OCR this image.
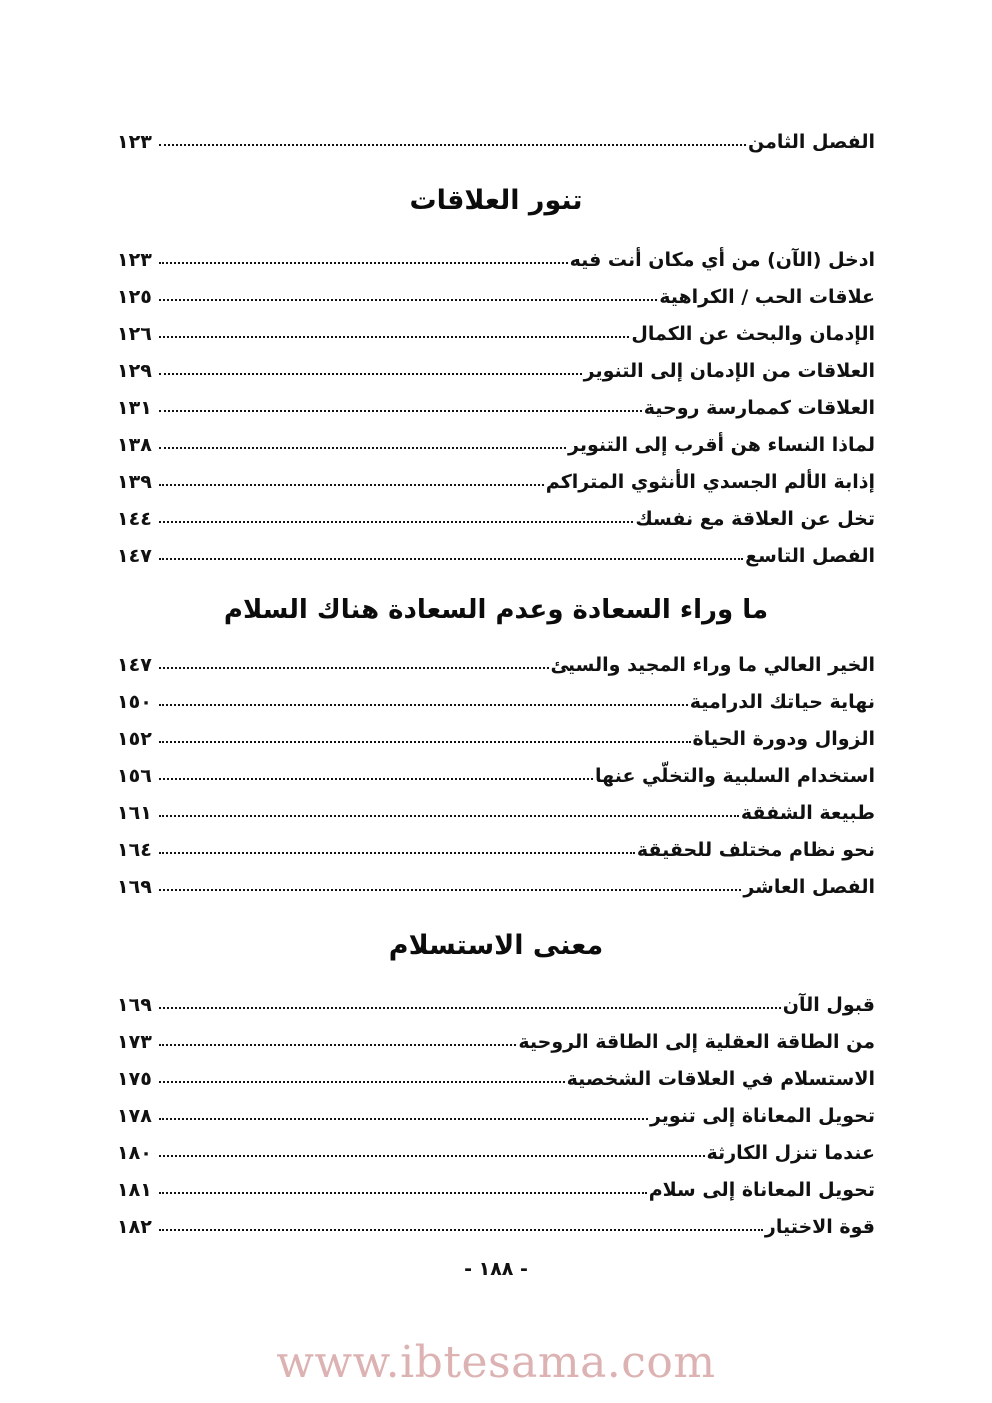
الفصل الثامن
١٢٣
تنور العلاقات
ادخل (الآن) من أي مكان أنت فيه
١٢٣
علاقات الحب / الكراهية
١٢٥
الإدمان والبحث عن الكمال
١٢٦
العلاقات من الإدمان إلى التنوير
١٢٩
العلاقات كممارسة روحية
١٣١
لماذا النساء هن أقرب إلى التنوير
١٣٨
إذابة الألم الجسدي الأنثوي المتراكم
١٣٩
تخل عن العلاقة مع نفسك
١٤٤
الفصل التاسع
١٤٧
ما وراء السعادة وعدم السعادة هناك السلام
الخير العالي ما وراء المجيد والسيئ
١٤٧
نهاية حياتك الدرامية
١٥٠
الزوال ودورة الحياة
١٥٢
استخدام السلبية والتخلّي عنها
١٥٦
طبيعة الشفقة
١٦١
نحو نظام مختلف للحقيقة
١٦٤
الفصل العاشر
١٦٩
معنى الاستسلام
قبول الآن
١٦٩
من الطاقة العقلية إلى الطاقة الروحية
١٧٣
الاستسلام في العلاقات الشخصية
١٧٥
تحويل المعاناة إلى تنوير
١٧٨
عندما تنزل الكارثة
١٨٠
تحويل المعاناة إلى سلام
١٨١
قوة الاختيار
١٨٢
- ١٨٨ -
www.ibtesama.com
